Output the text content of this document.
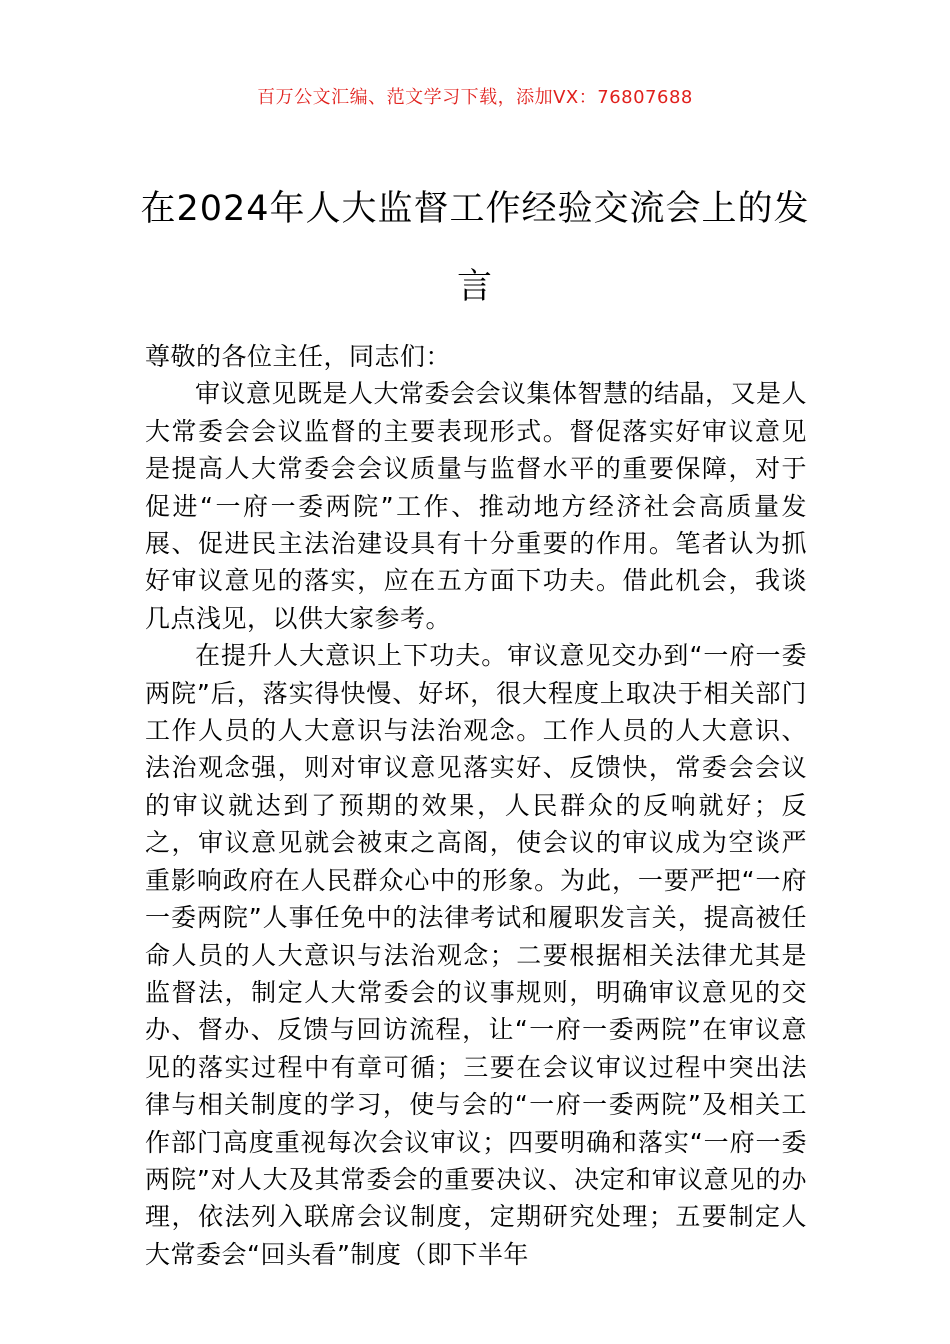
百万公文汇编、范文学习下载，添加VX：76807688
在2024年人大监督工作经验交流会上的发言

尊敬的各位主任，同志们：

审议意见既是人大常委会会议集体智慧的结晶，又是人大常委会会议监督的主要表现形式。督促落实好审议意见是提高人大常委会会议质量与监督水平的重要保障，对于促进“一府一委两院”工作、推动地方经济社会高质量发展、促进民主法治建设具有十分重要的作用。笔者认为抓好审议意见的落实，应在五方面下功夫。借此机会，我谈几点浅见，以供大家参考。

在提升人大意识上下功夫。审议意见交办到“一府一委两院”后，落实得快慢、好坏，很大程度上取决于相关部门工作人员的人大意识与法治观念。工作人员的人大意识、法治观念强，则对审议意见落实好、反馈快，常委会会议的审议就达到了预期的效果，人民群众的反响就好；反之，审议意见就会被束之高阁，使会议的审议成为空谈严重影响政府在人民群众心中的形象。为此，一要严把“一府一委两院”人事任免中的法律考试和履职发言关，提高被任命人员的人大意识与法治观念；二要根据相关法律尤其是监督法，制定人大常委会的议事规则，明确审议意见的交办、督办、反馈与回访流程，让“一府一委两院”在审议意见的落实过程中有章可循；三要在会议审议过程中突出法律与相关制度的学习，使与会的“一府一委两院”及相关工作部门高度重视每次会议审议；四要明确和落实“一府一委两院”对人大及其常委会的重要决议、决定和审议意见的办理，依法列入联席会议制度，定期研究处理；五要制定人大常委会“回头看”制度（即下半年
